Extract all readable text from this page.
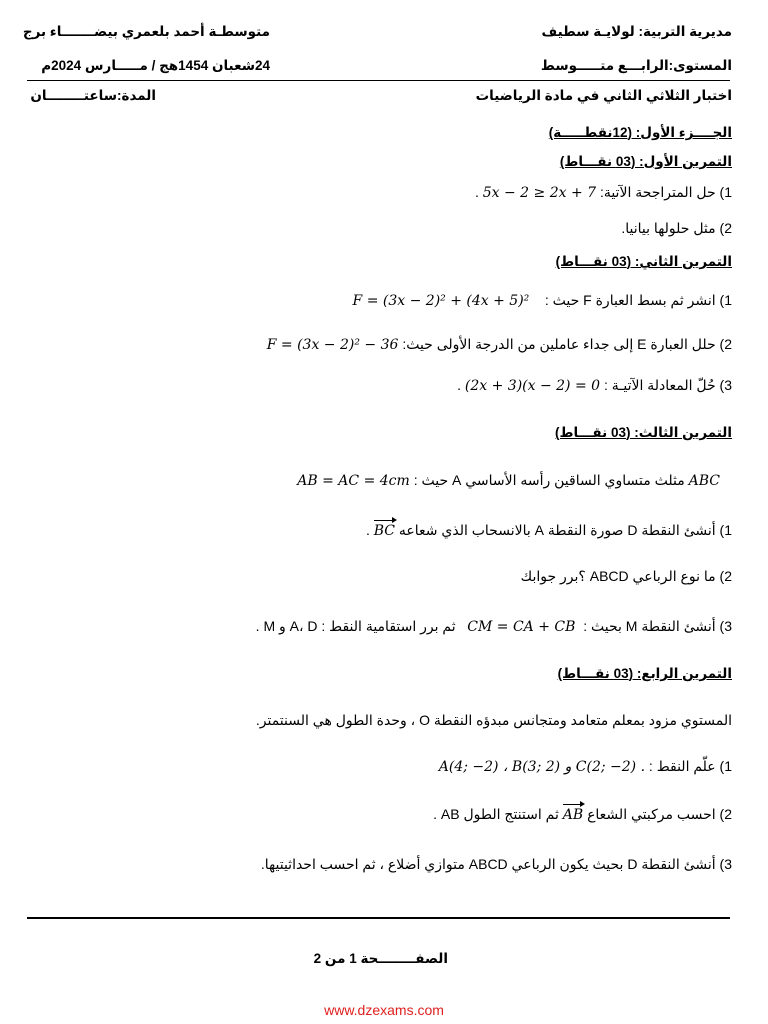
مديرية التربية: لولايـة سطيف
متوسطـة أحمد بلعمري بيضـــــــاء برج
المستوى:الرابـــع متـــــوسط
24شعبان 1454هج / مـــــارس 2024م
اختبار الثلاثي الثاني في مادة الرياضيات
المدة:ساعتــــــــان
الجــــزء الأول: (12نقطـــــة)
التمرين الأول: (03 نقـــاط)
1) حل المتراجحة الآتية: 5x − 2 ≥ 2x + 7 .
2) مثل حلولها بيانيا.
التمرين الثاني: (03 نقـــاط)
1) انشر ثم بسط العبارة F حيث :    F = (3x − 2)² + (4x + 5)²
2) حلل العبارة E إلى جداء عاملين من الدرجة الأولى حيث: F = (3x − 2)² − 36
3) حُلّ المعادلة الآتيـة : (2x + 3)(x − 2) = 0 .
التمرين الثالث: (03 نقـــاط)
ABC مثلث متساوي الساقين رأسه الأساسي A حيث : AB = AC = 4cm
1) أنشئ النقطة D صورة النقطة A بالانسحاب الذي شعاعه BC .
2) ما نوع الرباعي ABCD ؟برر جوابك
3) أنشئ النقطة M بحيث :  CM = CA + CB   ثم برر استقامية النقط : A، D و M .
التمرين الرابع: (03 نقـــاط)
المستوي مزود بمعلم متعامد ومتجانس مبدؤه النقطة O ، وحدة الطول هي السنتمتر.
1) علّم النقط : A(4; −2) ، B(3; 2) و C(2; −2) .
2) احسب مركبتي الشعاع AB ثم استنتج الطول AB .
3) أنشئ النقطة D بحيث يكون الرباعي ABCD متوازي أضلاع ، ثم احسب احداثيتيها.
الصفــــــــحة 1 من 2
www.dzexams.com
